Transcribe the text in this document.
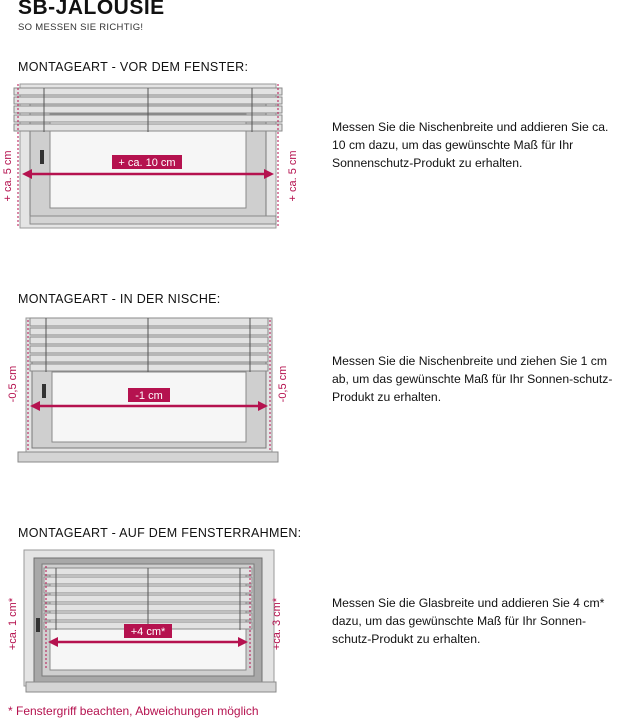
SB-JALOUSIE
SO MESSEN SIE RICHTIG!
MONTAGEART - VOR DEM FENSTER:
+ ca. 10 cm
+ ca. 5 cm	+ ca. 5 cm
Messen Sie die Nischenbreite und addieren Sie ca. 10 cm dazu, um das gewünschte Maß für Ihr Sonnenschutz-Produkt zu erhalten.
MONTAGEART - IN DER NISCHE:
-1 cm
-0,5 cm	-0,5 cm
Messen Sie die Nischenbreite und ziehen Sie 1 cm ab, um das gewünschte Maß für Ihr Sonnen-schutz-Produkt zu erhalten.
MONTAGEART - AUF DEM FENSTERRAHMEN:
+4 cm*
+ca. 1 cm*	+ca. 3 cm*	Messen Sie die Glasbreite und addieren Sie 4 cm* dazu, um das gewünschte Maß für Ihr Sonnen-schutz-Produkt zu erhalten.
* Fenstergriff beachten, Abweichungen möglich
